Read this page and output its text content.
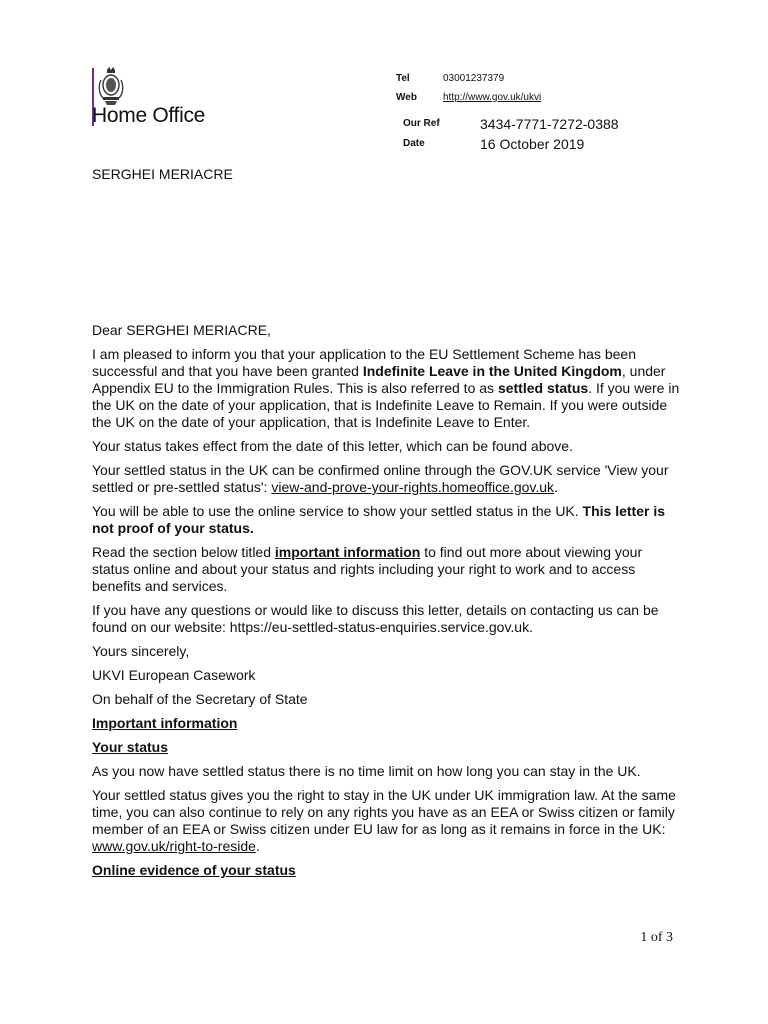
Home Office
Tel	03001237379
Web	http://www.gov.uk/ukvi
Our Ref	3434-7771-7272-0388
Date	16 October 2019
SERGHEI MERIACRE

Dear SERGHEI MERIACRE,

I am pleased to inform you that your application to the EU Settlement Scheme has been successful and that you have been granted Indefinite Leave in the United Kingdom, under Appendix EU to the Immigration Rules. This is also referred to as settled status. If you were in the UK on the date of your application, that is Indefinite Leave to Remain. If you were outside the UK on the date of your application, that is Indefinite Leave to Enter.

Your status takes effect from the date of this letter, which can be found above.

Your settled status in the UK can be confirmed online through the GOV.UK service 'View your settled or pre-settled status': view-and-prove-your-rights.homeoffice.gov.uk.

You will be able to use the online service to show your settled status in the UK. This letter is not proof of your status.

Read the section below titled important information to find out more about viewing your status online and about your status and rights including your right to work and to access benefits and services.

If you have any questions or would like to discuss this letter, details on contacting us can be found on our website: https://eu-settled-status-enquiries.service.gov.uk.

Yours sincerely,

UKVI European Casework

On behalf of the Secretary of State

Important information

Your status

As you now have settled status there is no time limit on how long you can stay in the UK.

Your settled status gives you the right to stay in the UK under UK immigration law. At the same time, you can also continue to rely on any rights you have as an EEA or Swiss citizen or family member of an EEA or Swiss citizen under EU law for as long as it remains in force in the UK: www.gov.uk/right-to-reside.

Online evidence of your status

1 of 3
